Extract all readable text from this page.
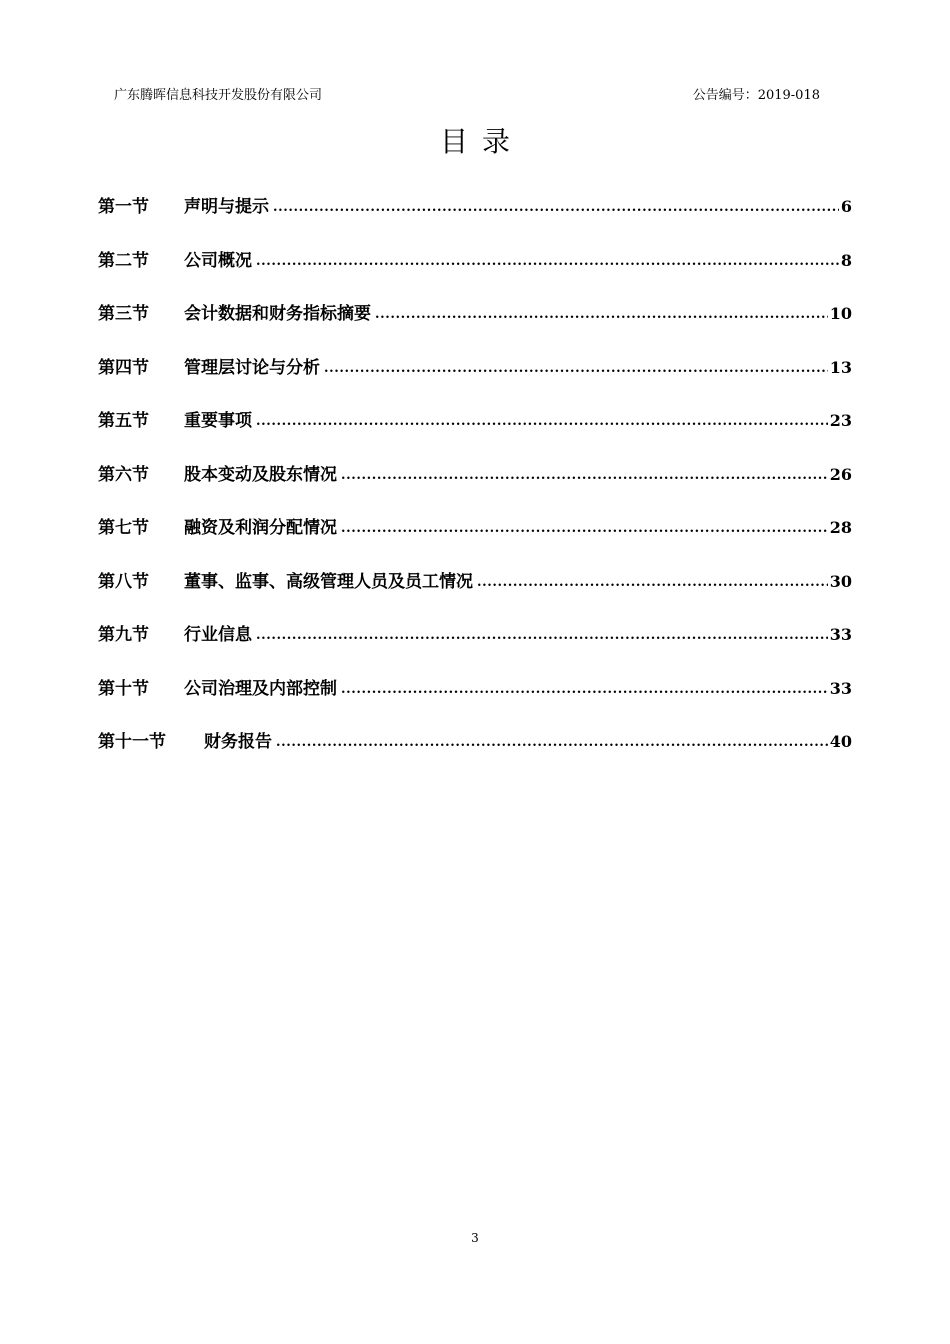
广东腾晖信息科技开发股份有限公司	公告编号：2019-018
目录
第一节	声明与提示 .....	6
第二节	公司概况 .....	8
第三节	会计数据和财务指标摘要 .....	10
第四节	管理层讨论与分析 .....	13
第五节	重要事项 .....	23
第六节	股本变动及股东情况 .....	26
第七节	融资及利润分配情况 .....	28
第八节	董事、监事、高级管理人员及员工情况 .....	30
第九节	行业信息 .....	33
第十节	公司治理及内部控制 .....	33
第十一节	财务报告 .....	40
3
